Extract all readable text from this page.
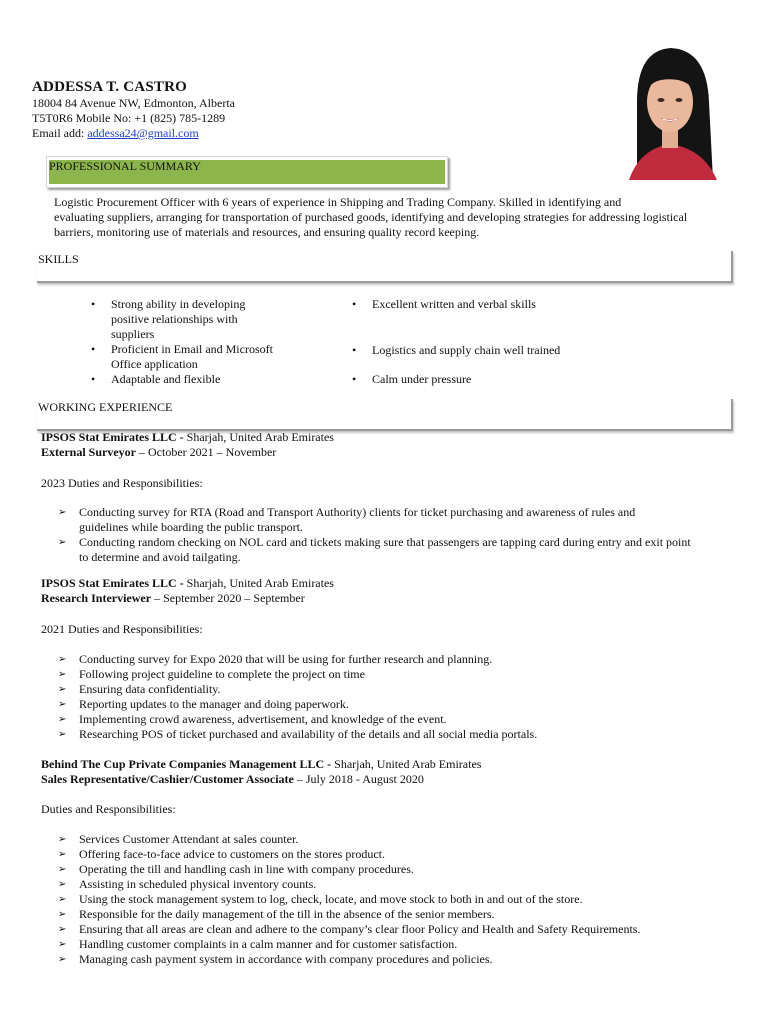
ADDESSA T. CASTRO
18004 84 Avenue NW, Edmonton, Alberta
T5T0R6 Mobile No: +1 (825) 785-1289
Email add: addessa24@gmail.com
PROFESSIONAL SUMMARY
Logistic Procurement Officer with 6 years of experience in Shipping and Trading Company. Skilled in identifying and
evaluating suppliers, arranging for transportation of purchased goods, identifying and developing strategies for addressing logistical
barriers, monitoring use of materials and resources, and ensuring quality record keeping.
SKILLS
• Strong ability in developing
positive relationships with
suppliers
• Proficient in Email and Microsoft
Office application
• Adaptable and flexible
• Excellent written and verbal skills
• Logistics and supply chain well trained
• Calm under pressure
WORKING EXPERIENCE
IPSOS Stat Emirates LLC - Sharjah, United Arab Emirates
External Surveyor – October 2021 – November
2023 Duties and Responsibilities:
➢ Conducting survey for RTA (Road and Transport Authority) clients for ticket purchasing and awareness of rules and
guidelines while boarding the public transport.
➢ Conducting random checking on NOL card and tickets making sure that passengers are tapping card during entry and exit point
to determine and avoid tailgating.
IPSOS Stat Emirates LLC - Sharjah, United Arab Emirates
Research Interviewer – September 2020 – September
2021 Duties and Responsibilities:
➢ Conducting survey for Expo 2020 that will be using for further research and planning.
➢ Following project guideline to complete the project on time
➢ Ensuring data confidentiality.
➢ Reporting updates to the manager and doing paperwork.
➢ Implementing crowd awareness, advertisement, and knowledge of the event.
➢ Researching POS of ticket purchased and availability of the details and all social media portals.
Behind The Cup Private Companies Management LLC - Sharjah, United Arab Emirates
Sales Representative/Cashier/Customer Associate – July 2018 - August 2020
Duties and Responsibilities:
➢ Services Customer Attendant at sales counter.
➢ Offering face-to-face advice to customers on the stores product.
➢ Operating the till and handling cash in line with company procedures.
➢ Assisting in scheduled physical inventory counts.
➢ Using the stock management system to log, check, locate, and move stock to both in and out of the store.
➢ Responsible for the daily management of the till in the absence of the senior members.
➢ Ensuring that all areas are clean and adhere to the company’s clear floor Policy and Health and Safety Requirements.
➢ Handling customer complaints in a calm manner and for customer satisfaction.
➢ Managing cash payment system in accordance with company procedures and policies.
